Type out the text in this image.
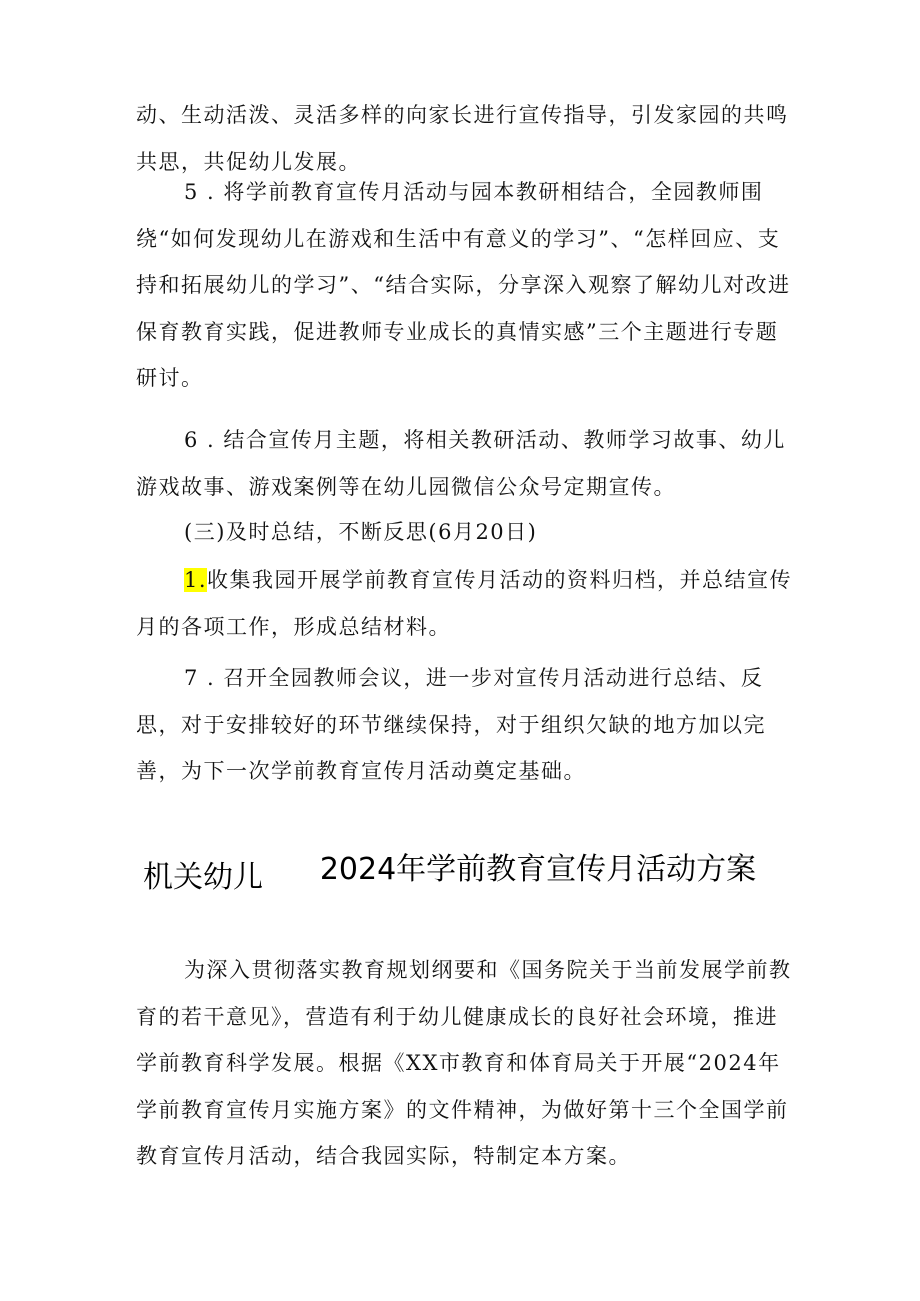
动、生动活泼、灵活多样的向家长进行宣传指导，引发家园的共鸣共思，共促幼儿发展。

5 . 将学前教育宣传月活动与园本教研相结合，全园教师围绕“如何发现幼儿在游戏和生活中有意义的学习”、“怎样回应、支持和拓展幼儿的学习”、“结合实际，分享深入观察了解幼儿对改进保育教育实践，促进教师专业成长的真情实感”三个主题进行专题研讨。

6 . 结合宣传月主题，将相关教研活动、教师学习故事、幼儿游戏故事、游戏案例等在幼儿园微信公众号定期宣传。

(三)及时总结，不断反思(6月20日)

1.收集我园开展学前教育宣传月活动的资料归档，并总结宣传月的各项工作，形成总结材料。

7 . 召开全园教师会议，进一步对宣传月活动进行总结、反思，对于安排较好的环节继续保持，对于组织欠缺的地方加以完善，为下一次学前教育宣传月活动奠定基础。

机关幼儿 2024年学前教育宣传月活动方案

为深入贯彻落实教育规划纲要和《国务院关于当前发展学前教育的若干意见》，营造有利于幼儿健康成长的良好社会环境，推进学前教育科学发展。根据《XX市教育和体育局关于开展“2024年学前教育宣传月实施方案》的文件精神，为做好第十三个全国学前教育宣传月活动，结合我园实际，特制定本方案。
